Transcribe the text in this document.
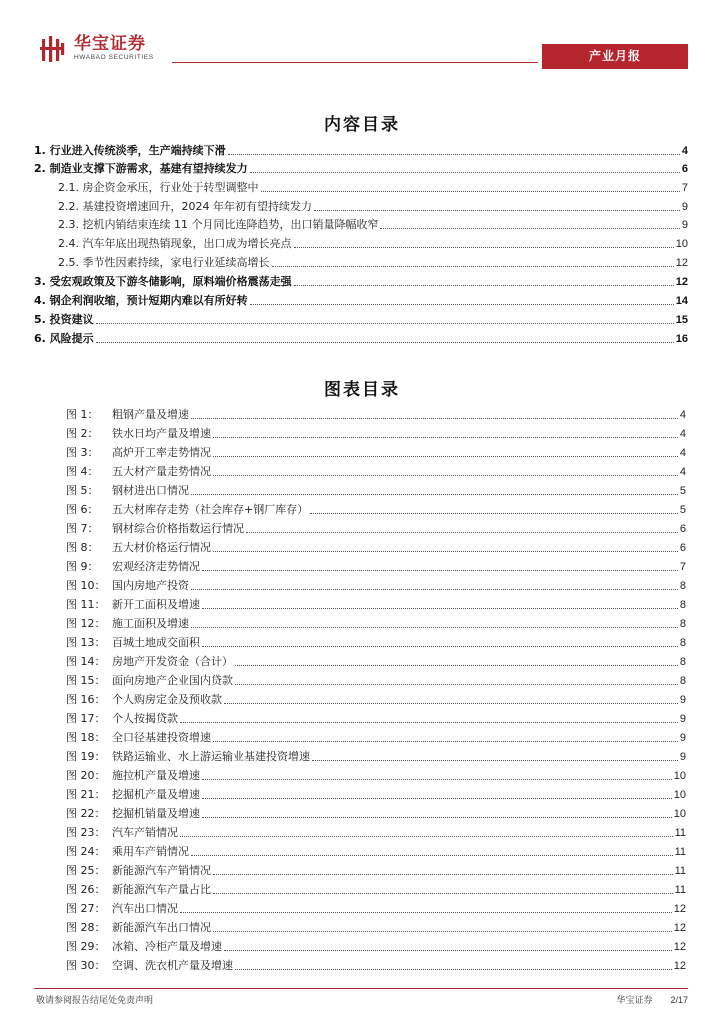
华宝证券
HWABAO SECURITIES	产业月报
内容目录
1. 行业进入传统淡季，生产端持续下滑	4
2. 制造业支撑下游需求，基建有望持续发力	6
2.1. 房企资金承压，行业处于转型调整中	7
2.2. 基建投资增速回升，2024 年年初有望持续发力	9
2.3. 挖机内销结束连续 11 个月同比连降趋势，出口销量降幅收窄	9
2.4. 汽车年底出现热销现象，出口成为增长亮点	10
2.5. 季节性因素持续，家电行业延续高增长	12
3. 受宏观政策及下游冬储影响，原料端价格震荡走强	12
4. 钢企利润收缩，预计短期内难以有所好转	14
5. 投资建议	15
6. 风险提示	16
图表目录
图 1： 粗钢产量及增速	4
图 2： 铁水日均产量及增速	4
图 3： 高炉开工率走势情况	4
图 4： 五大材产量走势情况	4
图 5： 钢材进出口情况	5
图 6： 五大材库存走势（社会库存+钢厂库存）	5
图 7： 钢材综合价格指数运行情况	6
图 8： 五大材价格运行情况	6
图 9： 宏观经济走势情况	7
图 10： 国内房地产投资	8
图 11： 新开工面积及增速	8
图 12： 施工面积及增速	8
图 13： 百城土地成交面积	8
图 14： 房地产开发资金（合计）	8
图 15： 面向房地产企业国内贷款	8
图 16： 个人购房定金及预收款	9
图 17： 个人按揭贷款	9
图 18： 全口径基建投资增速	9
图 19： 铁路运输业、水上游运输业基建投资增速	9
图 20： 施拉机产量及增速	10
图 21： 挖掘机产量及增速	10
图 22： 挖掘机销量及增速	10
图 23： 汽车产销情况	11
图 24： 乘用车产销情况	11
图 25： 新能源汽车产销情况	11
图 26： 新能源汽车产量占比	11
图 27： 汽车出口情况	12
图 28： 新能源汽车出口情况	12
图 29： 冰箱、冷柜产量及增速	12
图 30： 空调、洗衣机产量及增速	12
敬请参阅报告结尾处免责声明	华宝证券 2/17
